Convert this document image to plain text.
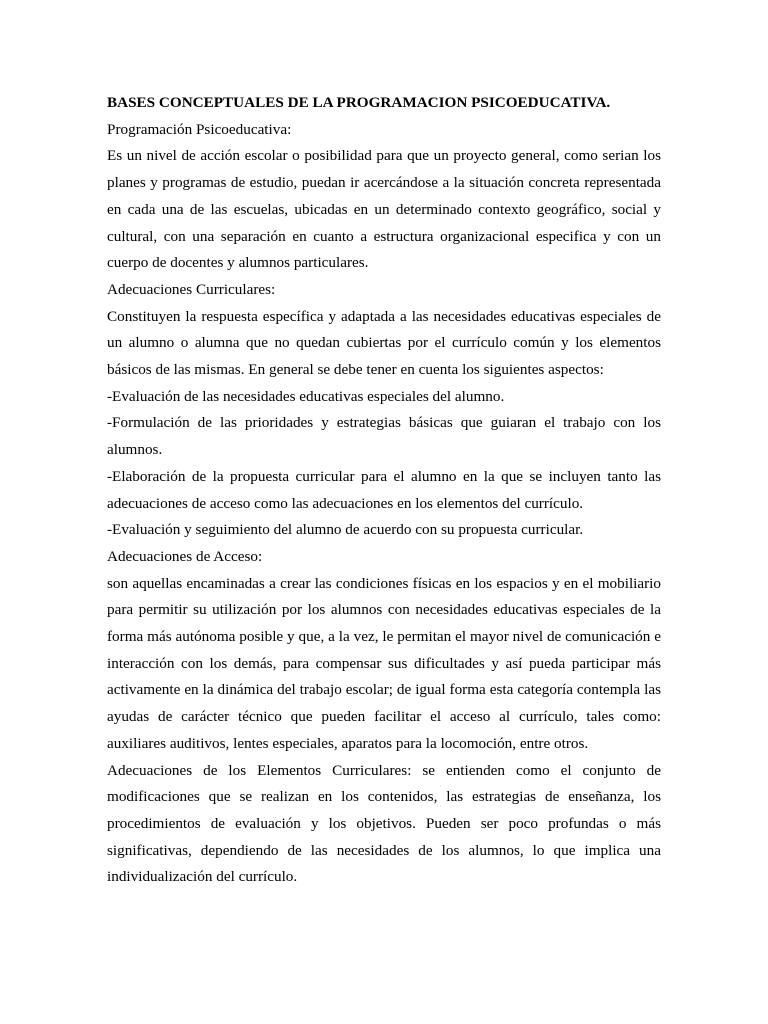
BASES CONCEPTUALES DE LA PROGRAMACION PSICOEDUCATIVA.

Programación Psicoeducativa:

Es un nivel de acción escolar o posibilidad para que un proyecto general, como serian los planes y programas de estudio, puedan ir acercándose a la situación concreta representada en cada una de las escuelas, ubicadas en un determinado contexto geográfico, social y cultural, con una separación en cuanto a estructura organizacional especifica y con un cuerpo de docentes y alumnos particulares.

Adecuaciones Curriculares:

Constituyen la respuesta específica y adaptada a las necesidades educativas especiales de un alumno o alumna que no quedan cubiertas por el currículo común y los elementos básicos de las mismas. En general se debe tener en cuenta los siguientes aspectos:

-Evaluación de las necesidades educativas especiales del alumno.

-Formulación de las prioridades y estrategias básicas que guiaran el trabajo con los alumnos.

-Elaboración de la propuesta curricular para el alumno en la que se incluyen tanto las adecuaciones de acceso como las adecuaciones en los elementos del currículo.

-Evaluación y seguimiento del alumno de acuerdo con su propuesta curricular.

Adecuaciones de Acceso:

son aquellas encaminadas a crear las condiciones físicas en los espacios y en el mobiliario para permitir su utilización por los alumnos con necesidades educativas especiales de la forma más autónoma posible y que, a la vez, le permitan el mayor nivel de comunicación e interacción con los demás, para compensar sus dificultades y así pueda participar más activamente en la dinámica del trabajo escolar; de igual forma esta categoría contempla las ayudas de carácter técnico que pueden facilitar el acceso al currículo, tales como: auxiliares auditivos, lentes especiales, aparatos para la locomoción, entre otros.

Adecuaciones de los Elementos Curriculares: se entienden como el conjunto de modificaciones que se realizan en los contenidos, las estrategias de enseñanza, los procedimientos de evaluación y los objetivos. Pueden ser poco profundas o más significativas, dependiendo de las necesidades de los alumnos, lo que implica una individualización del currículo.
